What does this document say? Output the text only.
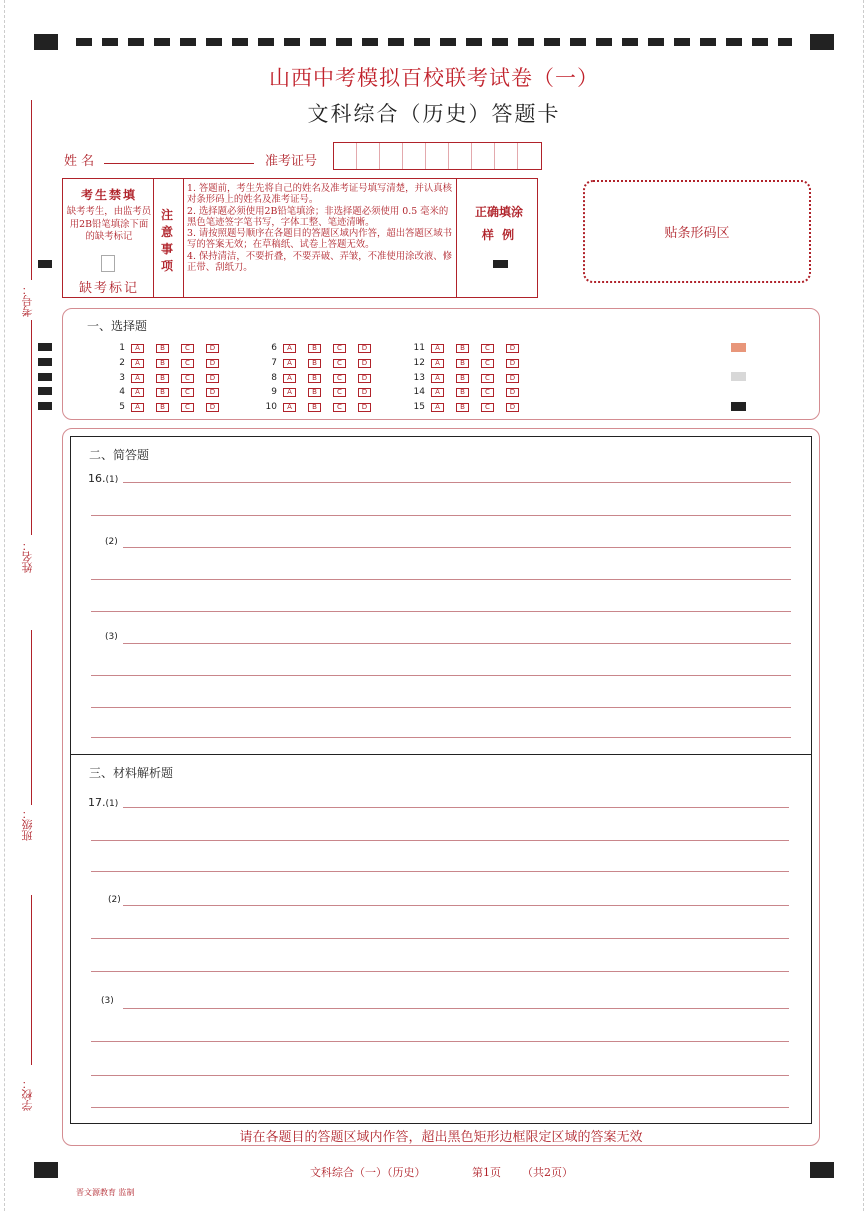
山西中考模拟百校联考试卷（一）
文科综合（历史）答题卡
姓 名	准考证号
考生禁填
缺考考生，由监考员用2B铅笔填涂下面的缺考标记
缺考标记
注意事项
1. 答题前，考生先将自己的姓名及准考证号填写清楚，并认真核对条形码上的姓名及准考证号。
2. 选择题必须使用2B铅笔填涂；非选择题必须使用 0.5 毫米的黑色笔迹签字笔书写，字体工整、笔迹清晰。
3. 请按照题号顺序在各题目的答题区域内作答，超出答题区域书写的答案无效；在草稿纸、试卷上答题无效。
4. 保持清洁，不要折叠，不要弄破、弄皱，不准使用涂改液、修正带、刮纸刀。
正确填涂
样 例	贴条形码区
考号：
姓名：
班级：
学校：
一、选择题
1	A	B	C	D
2	A	B	C	D
3	A	B	C	D
4	A	B	C	D
5	A	B	C	D
6	A	B	C	D
7	A	B	C	D
8	A	B	C	D
9	A	B	C	D
10	A	B	C	D
11	A	B	C	D
12	A	B	C	D
13	A	B	C	D
14	A	B	C	D
15	A	B	C	D
二、简答题
16.(1)
(2)
(3)
三、材料解析题
17.(1)
(2)
(3)
请在各题目的答题区域内作答，超出黑色矩形边框限定区域的答案无效
文科综合（一）（历史）	第1页 （共2页）
晋文源教育 监制
